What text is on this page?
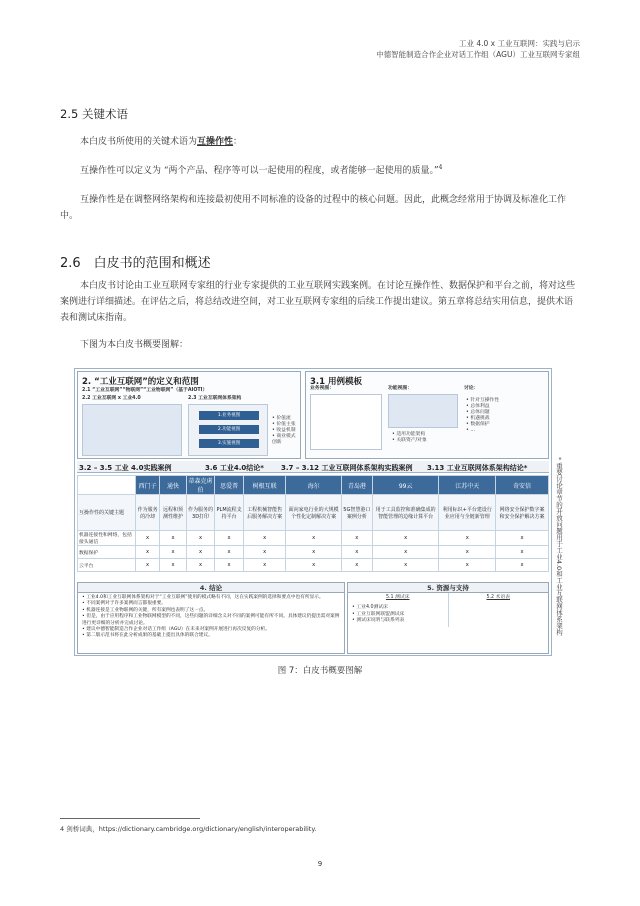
工业 4.0 x 工业互联网：实践与启示
中德智能制造合作企业对话工作组（AGU）工业互联网专家组
2.5 关键术语
本白皮书所使用的关键术语为互操作性：
互操作性可以定义为 “两个产品、程序等可以一起使用的程度，或者能够一起使用的质量。”$^4$
互操作性是在调整网络架构和连接最初使用不同标准的设备的过程中的核心问题。因此，此概念经常用于协调及标准化工作中。
2.6　白皮书的范围和概述
本白皮书讨论由工业互联网专家组的行业专家提供的工业互联网实践案例。在讨论互操作性、数据保护和平台之前，将对这些案例进行详细描述。在评估之后，将总结改进空间，对工业互联网专家组的后续工作提出建议。第五章将总结实用信息，提供术语表和测试床指南。
下图为本白皮书概要图解：
2. “工业互联网”的定义和范围
2.1 “工业互联网”“物联网”“工业物联网”（基于AIOTI）
2.2 工业互联网 x 工业4.0	2.3 工业互联网体系架构
1.业务视图
2.功能视图
3.实施视图
• 价值流
• 价值主张
• 收益机制
• 商业模式创新
3.1 用例模板
业务视图：	功能视图：
• 适用功能架构
• 关联资产/对象
讨论：
• 针对互操作性
• 总体利益
• 总体问题
• 机遇挑战
• 数据保护
• ...
3.2 – 3.5 工业 4.0实践案例	3.6 工业4.0结论* 3.7 – 3.12 工业互联网体系架构实践案例 3.13 工业互联网体系架构结论*
	西门子	通快	蒂森克虏伯	思爱普	树根互联	海尔	青岛港	99云	江苏中天	奇安信
互操作性的关键主题	作为服务的冷却	远程和预测性维护	作为服务的3D打印	PLM流程支持平台	工程机械智能售后服务解决方案	面向家电行业的大规模个性化定制解决方案	5G智慧港口案例分析	用于工具监控和准确集成的智能管理的边缘计算平台	利用标识+平台建设行业应用与全链新管理	网络安全保护数字案和安全保护解决方案
机器连接性和网络，包括接头通信	x	x	x	x	x	x	x	x	x	x
数据保护	x	x	x	x	x	x	x	x	x	x
云平台	x	x	x	x	x	x	x	x	x	x	* 重要讨论章节的开放问题用于工业4.0和工业互联网体系架构
4. 结论
• 工业4.0和工业互联网体系架构对于“工业互联网”使用的模式略有不同，这在实践案例的选择和要点中也有所显示。
• 不同案例对于许多案例而言都很重要。
• 机器连接是工业物联网的关键，所有案例也表明了这一点。
• 但是，由于应用程序和工业物联网模型的不同，这些问题的详细含义对不同的案例可能有所不同。具体建议仍提出需对案例进行更详细的分析并完成讨论。
• 建议中德智能制造合作企业对话工作组（AGU）在未来对案例开展进行再次反复的分析。
• 第二版示范书将在此分析成果的基础上提出具体的联合建议。
5. 资源与支持
5.1 测试床
• 工业4.0测试床
• 工业互联网联盟测试床
• 测试床说明与联系列表
5.2 术语表
图 7：白皮书概要图解
4 剑桥词典，https://dictionary.cambridge.org/dictionary/english/interoperability.
9
